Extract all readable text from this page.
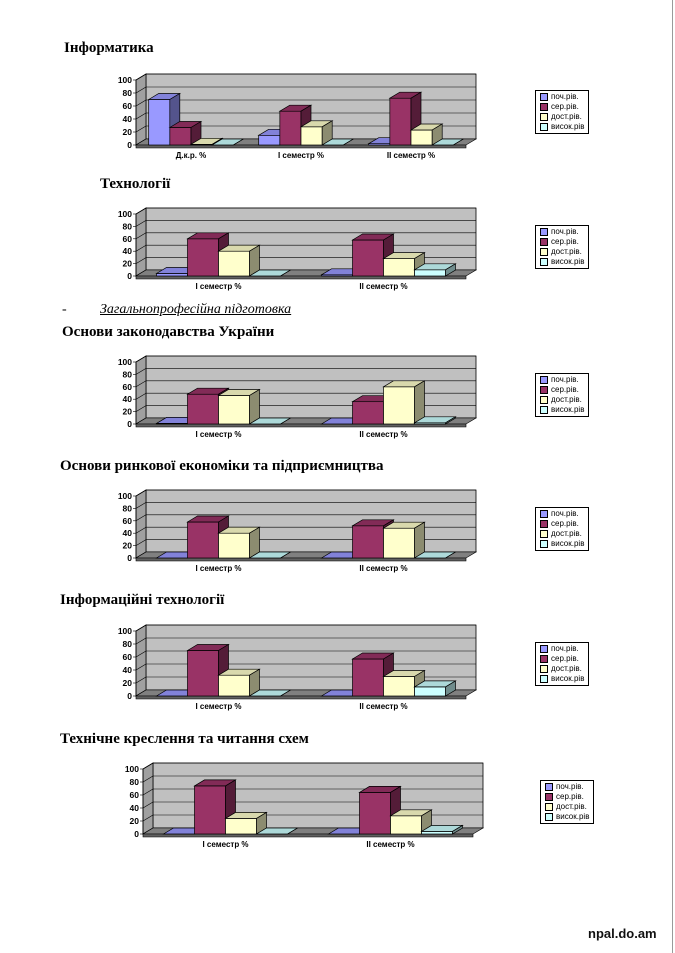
Інформатика
0
20
40
60
80
100
Д.к.р. %	І семестр %	ІІ семестр %
поч.рів.
сер.рів.
дост.рів.
висок.рів
Технології
0
20
40
60
80
100
І семестр %	ІІ семестр %
поч.рів.
сер.рів.
дост.рів.
висок.рів
- Загальнопрофесійна підготовка
Основи законодавства України
0
20
40
60
80
100
І семестр %	ІІ семестр %
поч.рів.
сер.рів.
дост.рів.
висок.рів
Основи ринкової економіки та підприємництва
0
20
40
60
80
100
І семестр %	ІІ семестр %
поч.рів.
сер.рів.
дост.рів.
висок.рів
Інформаційні технології
0
20
40
60
80
100
І семестр %	ІІ семестр %
поч.рів.
сер.рів.
дост.рів.
висок.рів
Технічне креслення та читання схем
0
20
40
60
80
100
І семестр %	ІІ семестр %
поч.рів.
сер.рів.
дост.рів.
висок.рів
npal.do.am
